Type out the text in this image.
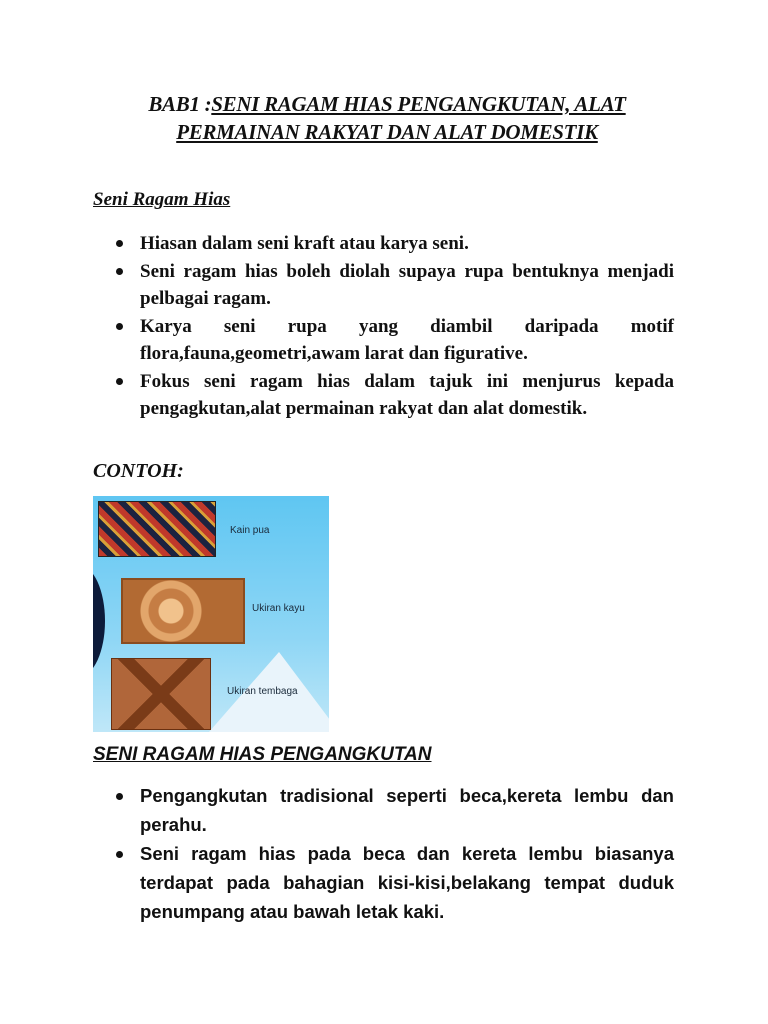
BAB1 :SENI RAGAM HIAS PENGANGKUTAN, ALAT
PERMAINAN RAKYAT DAN ALAT DOMESTIK
Seni Ragam Hias
Hiasan dalam seni kraft atau karya seni.
Seni ragam hias boleh diolah supaya rupa bentuknya menjadi pelbagai ragam.
Karya seni rupa yang diambil daripada motif flora,fauna,geometri,awam larat dan figurative.
Fokus seni ragam hias dalam tajuk ini menjurus kepada pengagkutan,alat permainan rakyat dan alat domestik.
CONTOH:
Kain pua
Ukiran kayu
Ukiran tembaga
SENI RAGAM HIAS PENGANGKUTAN
Pengangkutan tradisional seperti beca,kereta lembu dan perahu.
Seni ragam hias pada beca dan kereta lembu biasanya terdapat pada bahagian kisi-kisi,belakang tempat duduk penumpang atau bawah letak kaki.
